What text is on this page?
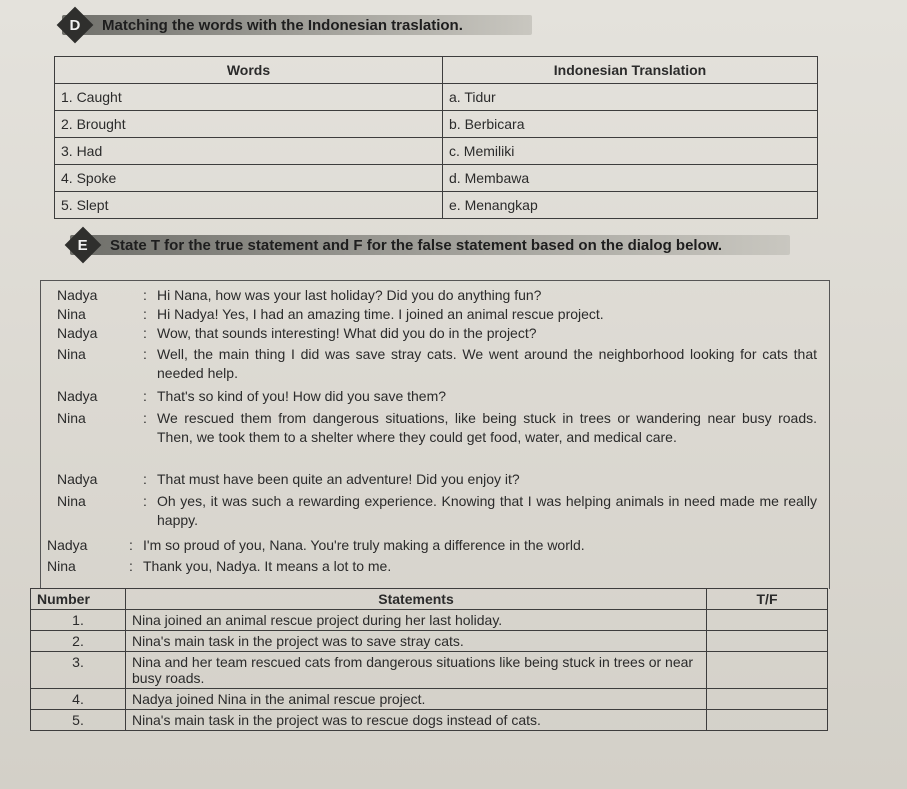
D Matching the words with the Indonesian traslation.
Words	Indonesian Translation
1. Caught	a. Tidur
2. Brought	b. Berbicara
3. Had	c. Memiliki
4. Spoke	d. Membawa
5. Slept	e. Menangkap
E State T for the true statement and F for the false statement based on the dialog below.
Nadya	: Hi Nana, how was your last holiday? Did you do anything fun?
Nina	: Hi Nadya! Yes, I had an amazing time. I joined an animal rescue project.
Nadya	: Wow, that sounds interesting! What did you do in the project?
Nina	: Well, the main thing I did was save stray cats. We went around the neighborhood looking for cats that needed help.
Nadya	: That's so kind of you! How did you save them?
Nina	: We rescued them from dangerous situations, like being stuck in trees or wandering near busy roads. Then, we took them to a shelter where they could get food, water, and medical care.
Nadya	: That must have been quite an adventure! Did you enjoy it?
Nina	: Oh yes, it was such a rewarding experience. Knowing that I was helping animals in need made me really happy.
Nadya	: I'm so proud of you, Nana. You're truly making a difference in the world.
Nina	: Thank you, Nadya. It means a lot to me.
Number	Statements	T/F
1.	Nina joined an animal rescue project during her last holiday.	
2.	Nina's main task in the project was to save stray cats.	
3.	Nina and her team rescued cats from dangerous situations like being stuck in trees or near busy roads.	
4.	Nadya joined Nina in the animal rescue project.	
5.	Nina's main task in the project was to rescue dogs instead of cats.	
